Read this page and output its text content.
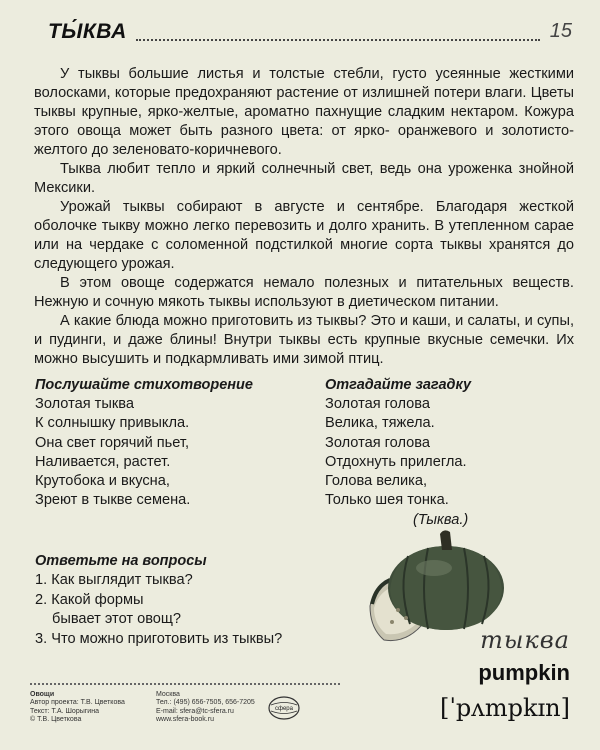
ТЫ́КВА	15

У тыквы большие листья и толстые стебли, густо усеянные жесткими волосками, которые предохраняют растение от излишней потери влаги. Цветы тыквы крупные, ярко-желтые, ароматно пахнущие сладким нектаром. Кожура этого овоща может быть разного цвета: от ярко- оранжевого и золотисто-желтого до зеленовато-коричневого.

Тыква любит тепло и яркий солнечный свет, ведь она уроженка знойной Мексики.

Урожай тыквы собирают в августе и сентябре. Благодаря жесткой оболочке тыкву можно легко перевозить и долго хранить. В утепленном сарае или на чердаке с соломенной подстилкой многие сорта тыквы хранятся до следующего урожая.

В этом овоще содержатся немало полезных и питательных веществ. Нежную и сочную мякоть тыквы используют в диетическом питании.

А какие блюда можно приготовить из тыквы? Это и каши, и салаты, и супы, и пудинги, и даже блины! Внутри тыквы есть крупные вкусные семечки. Их можно высушить и подкармливать ими зимой птиц.

Послушайте стихотворение
Золотая тыква
К солнышку привыкла.
Она свет горячий пьет,
Наливается, растет.
Крутобока и вкусна,
Зреют в тыкве семена.
Отгадайте загадку
Золотая голова
Велика, тяжела.
Золотая голова
Отдохнуть прилегла.
Голова велика,
Только шея тонка.
(Тыква.)
Ответьте на вопросы
1. Как выглядит тыква?
2. Какой формы
бывает этот овощ?
3. Что можно приготовить из тыквы?	тыква
pumpkin
[ˈpʌmpkɪn]
Овощи
Автор проекта: Т.В. Цветкова
Текст: Т.А. Шорыгина
© Т.В. Цветкова
Москва
Тел.: (495) 656-7505, 656-7205
E-mail: sfera@tc-sfera.ru
www.sfera-book.ru
сфера
